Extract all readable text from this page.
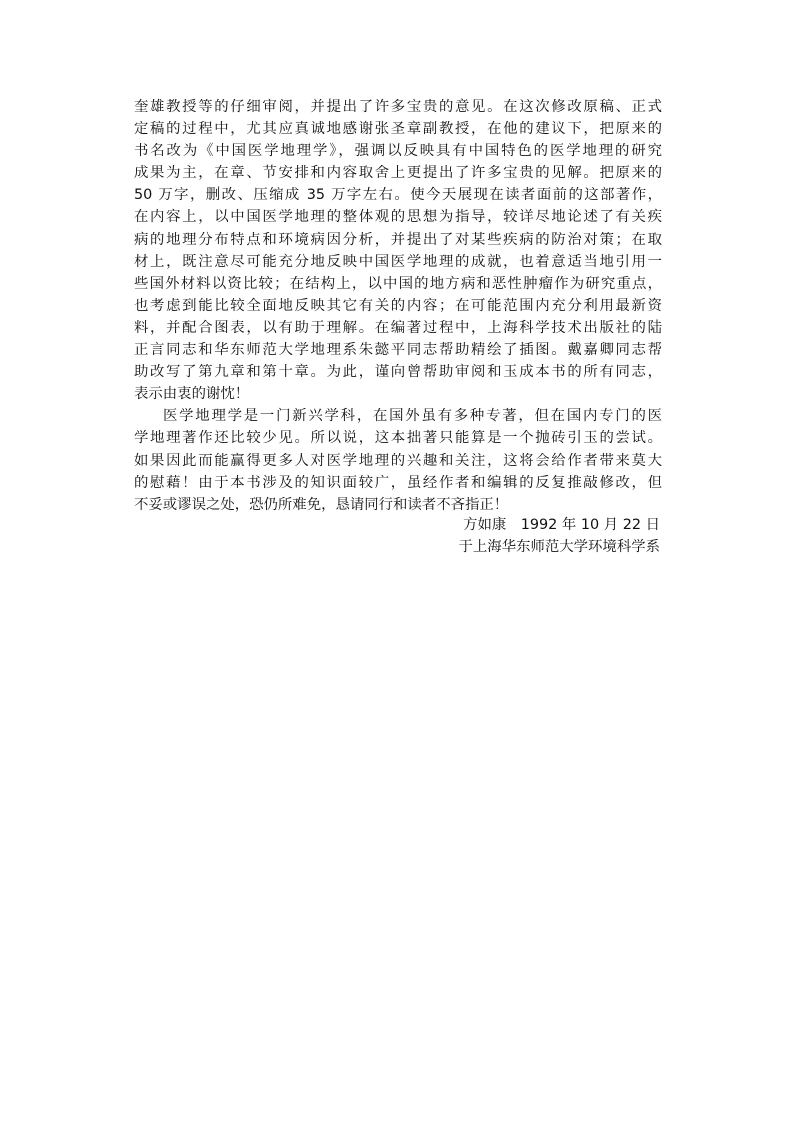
奎雄教授等的仔细审阅，并提出了许多宝贵的意见。在这次修改原稿、正式
定稿的过程中，尤其应真诚地感谢张圣章副教授，在他的建议下，把原来的
书名改为《中国医学地理学》，强调以反映具有中国特色的医学地理的研究
成果为主，在章、节安排和内容取舍上更提出了许多宝贵的见解。把原来的
50 万字，删改、压缩成 35 万字左右。使今天展现在读者面前的这部著作，
在内容上，以中国医学地理的整体观的思想为指导，较详尽地论述了有关疾
病的地理分布特点和环境病因分析，并提出了对某些疾病的防治对策；在取
材上，既注意尽可能充分地反映中国医学地理的成就，也着意适当地引用一
些国外材料以资比较；在结构上，以中国的地方病和恶性肿瘤作为研究重点，
也考虑到能比较全面地反映其它有关的内容；在可能范围内充分利用最新资
料，并配合图表，以有助于理解。在编著过程中，上海科学技术出版社的陆
正言同志和华东师范大学地理系朱懿平同志帮助精绘了插图。戴嘉卿同志帮
助改写了第九章和第十章。为此，谨向曾帮助审阅和玉成本书的所有同志，
表示由衷的谢忱！
医学地理学是一门新兴学科，在国外虽有多种专著，但在国内专门的医
学地理著作还比较少见。所以说，这本拙著只能算是一个抛砖引玉的尝试。
如果因此而能赢得更多人对医学地理的兴趣和关注，这将会给作者带来莫大
的慰藉！由于本书涉及的知识面较广，虽经作者和编辑的反复推敲修改，但
不妥或谬误之处，恐仍所难免，恳请同行和读者不吝指正！
方如康　1992 年 10 月 22 日
于上海华东师范大学环境科学系
